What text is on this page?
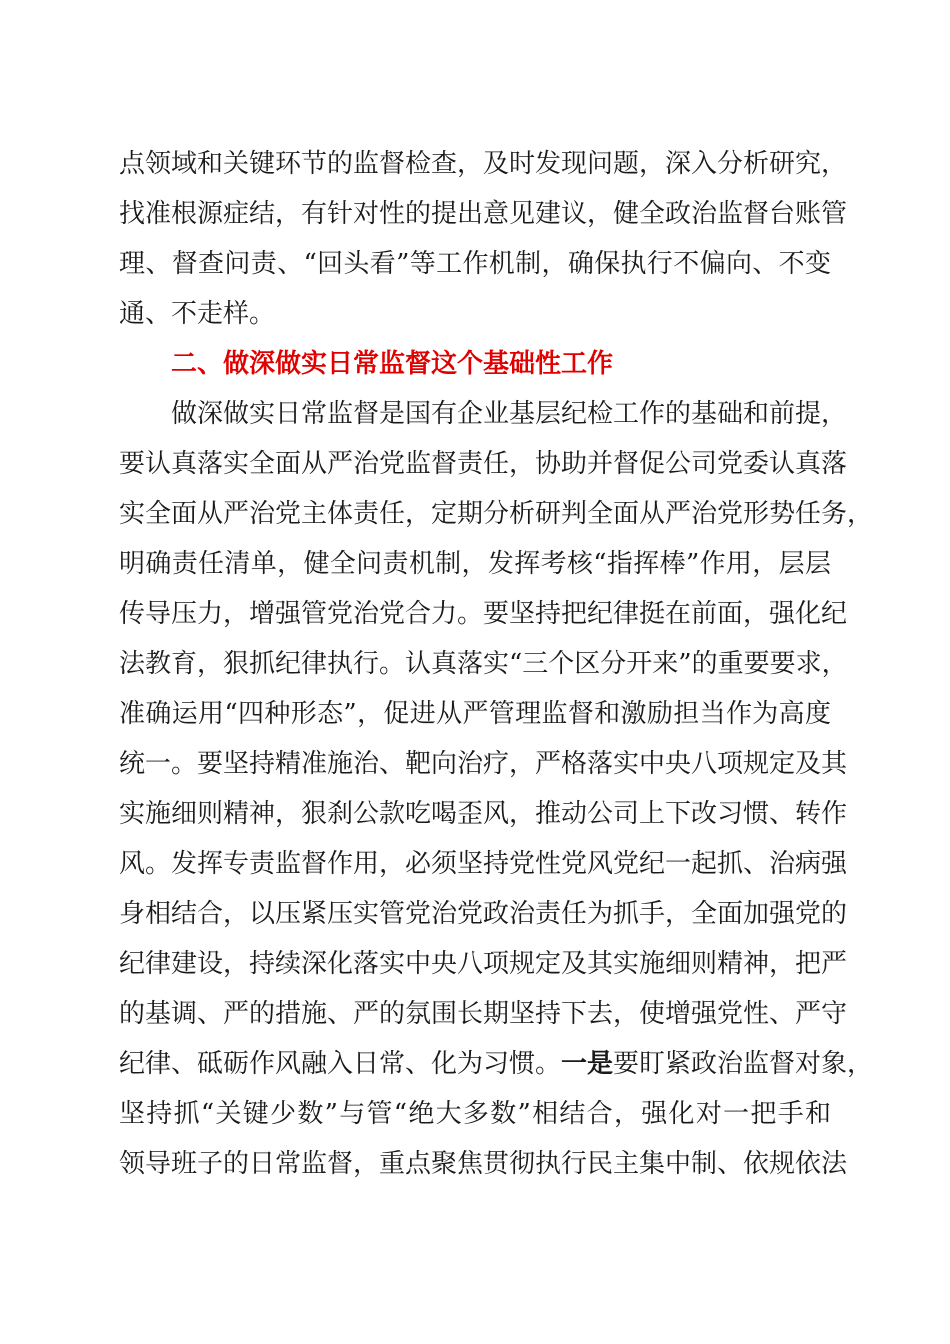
点领域和关键环节的监督检查，及时发现问题，深入分析研究，
找准根源症结，有针对性的提出意见建议，健全政治监督台账管
理、督查问责、“回头看”等工作机制，确保执行不偏向、不变
通、不走样。
二、做深做实日常监督这个基础性工作
做深做实日常监督是国有企业基层纪检工作的基础和前提，
要认真落实全面从严治党监督责任，协助并督促公司党委认真落
实全面从严治党主体责任，定期分析研判全面从严治党形势任务，
明确责任清单，健全问责机制，发挥考核“指挥棒”作用，层层
传导压力，增强管党治党合力。要坚持把纪律挺在前面，强化纪
法教育，狠抓纪律执行。认真落实“三个区分开来”的重要要求，
准确运用“四种形态”，促进从严管理监督和激励担当作为高度
统一。要坚持精准施治、靶向治疗，严格落实中央八项规定及其
实施细则精神，狠刹公款吃喝歪风，推动公司上下改习惯、转作
风。发挥专责监督作用，必须坚持党性党风党纪一起抓、治病强
身相结合，以压紧压实管党治党政治责任为抓手，全面加强党的
纪律建设，持续深化落实中央八项规定及其实施细则精神，把严
的基调、严的措施、严的氛围长期坚持下去，使增强党性、严守
纪律、砥砺作风融入日常、化为习惯。一是要盯紧政治监督对象，
坚持抓“关键少数”与管“绝大多数”相结合，强化对一把手和
领导班子的日常监督，重点聚焦贯彻执行民主集中制、依规依法
